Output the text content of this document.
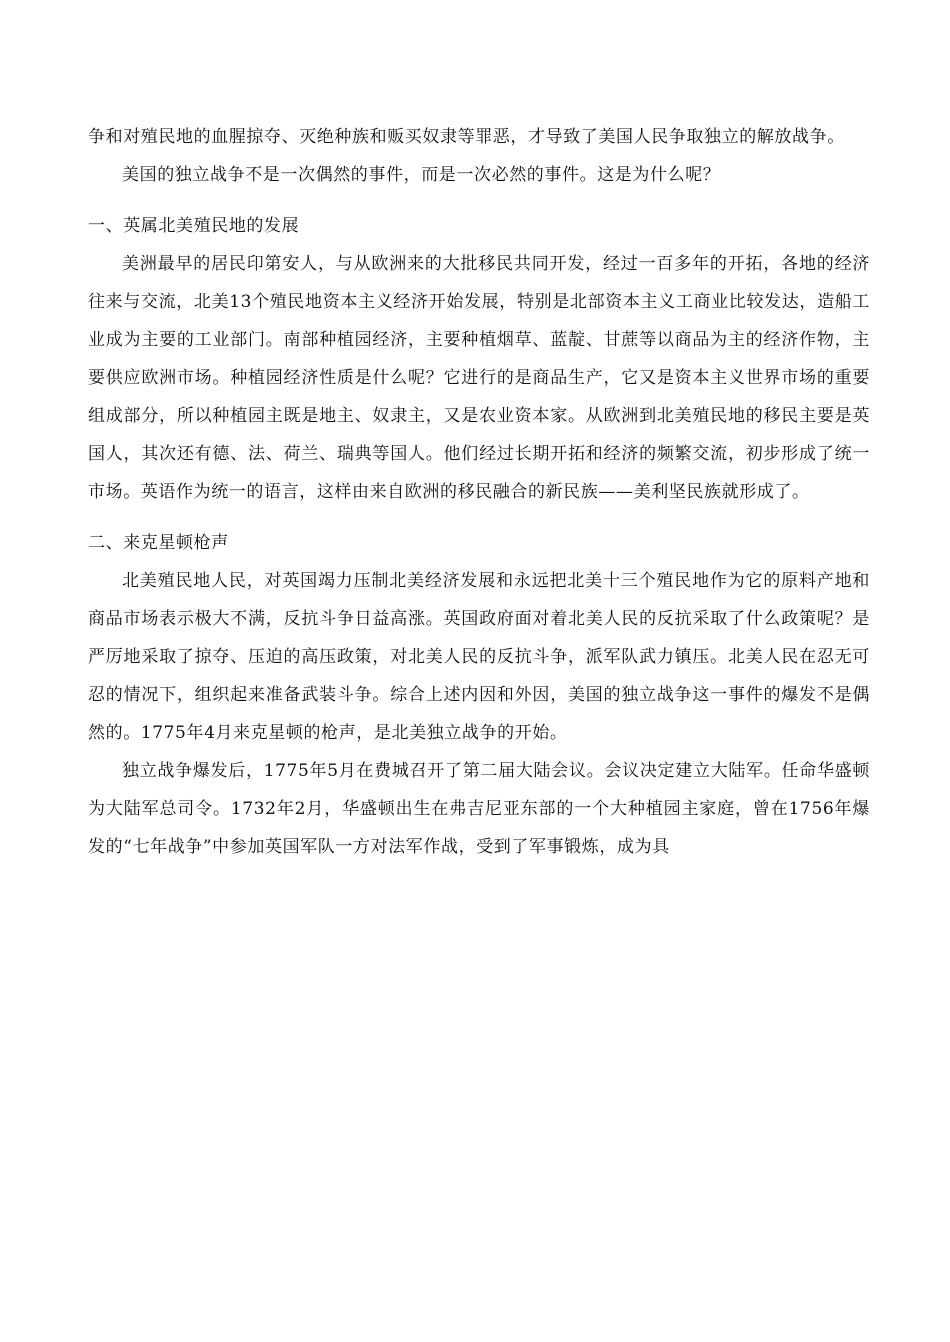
争和对殖民地的血腥掠夺、灭绝种族和贩买奴隶等罪恶，才导致了美国人民争取独立的解放战争。

美国的独立战争不是一次偶然的事件，而是一次必然的事件。这是为什么呢？

一、英属北美殖民地的发展

美洲最早的居民印第安人，与从欧洲来的大批移民共同开发，经过一百多年的开拓，各地的经济往来与交流，北美13个殖民地资本主义经济开始发展，特别是北部资本主义工商业比较发达，造船工业成为主要的工业部门。南部种植园经济，主要种植烟草、蓝靛、甘蔗等以商品为主的经济作物，主要供应欧洲市场。种植园经济性质是什么呢？它进行的是商品生产，它又是资本主义世界市场的重要组成部分，所以种植园主既是地主、奴隶主，又是农业资本家。从欧洲到北美殖民地的移民主要是英国人，其次还有德、法、荷兰、瑞典等国人。他们经过长期开拓和经济的频繁交流，初步形成了统一市场。英语作为统一的语言，这样由来自欧洲的移民融合的新民族——美利坚民族就形成了。

二、来克星顿枪声

北美殖民地人民，对英国竭力压制北美经济发展和永远把北美十三个殖民地作为它的原料产地和商品市场表示极大不满，反抗斗争日益高涨。英国政府面对着北美人民的反抗采取了什么政策呢？是严厉地采取了掠夺、压迫的高压政策，对北美人民的反抗斗争，派军队武力镇压。北美人民在忍无可忍的情况下，组织起来准备武装斗争。综合上述内因和外因，美国的独立战争这一事件的爆发不是偶然的。1775年4月来克星顿的枪声，是北美独立战争的开始。

独立战争爆发后，1775年5月在费城召开了第二届大陆会议。会议决定建立大陆军。任命华盛顿为大陆军总司令。1732年2月，华盛顿出生在弗吉尼亚东部的一个大种植园主家庭，曾在1756年爆发的“七年战争”中参加英国军队一方对法军作战，受到了军事锻炼，成为具
